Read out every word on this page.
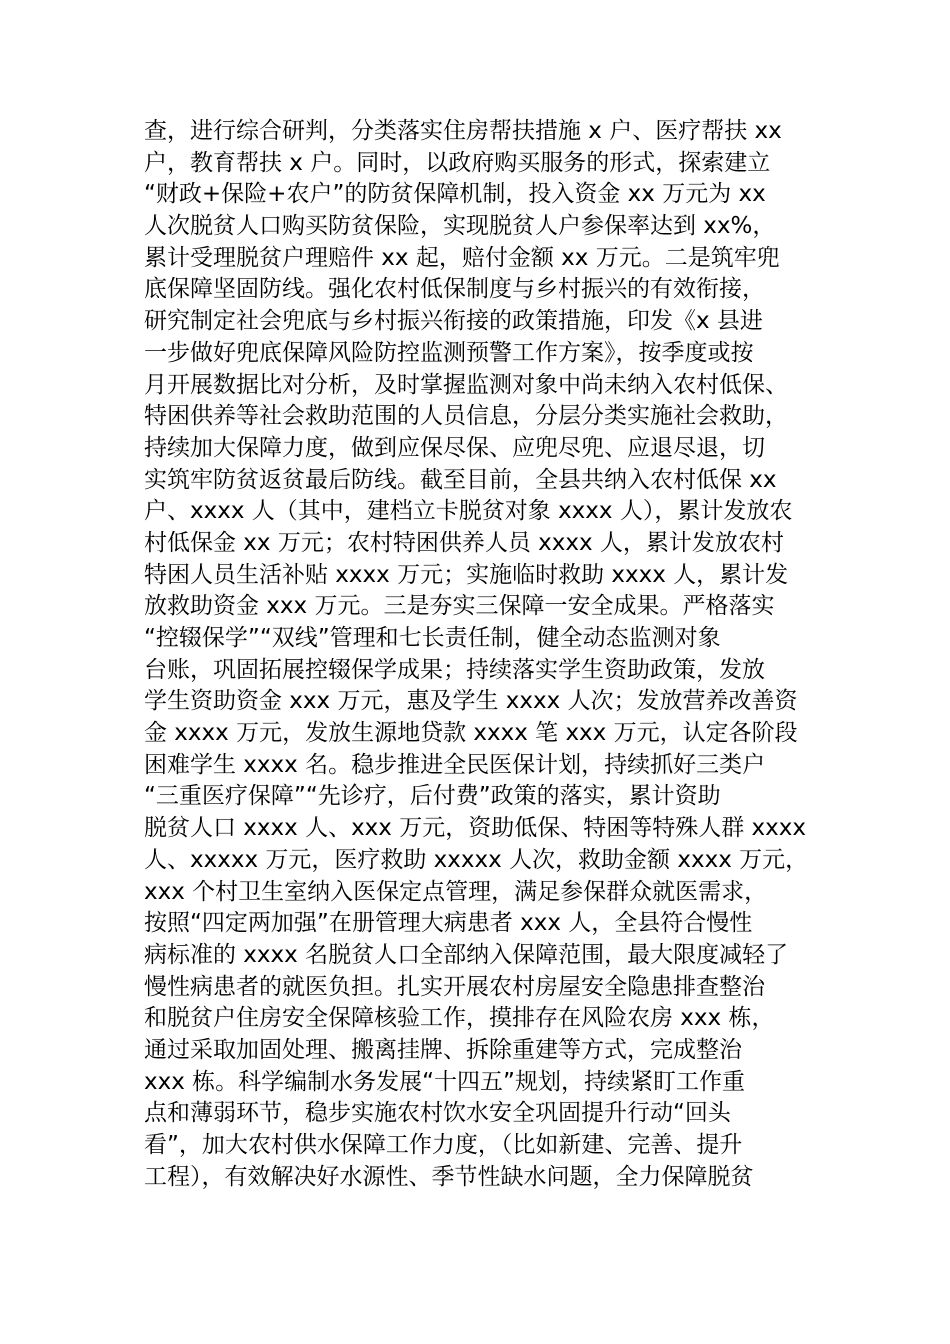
查，进行综合研判，分类落实住房帮扶措施 x 户、医疗帮扶 xx
户，教育帮扶 x 户。同时，以政府购买服务的形式，探索建立
“财政+保险+农户”的防贫保障机制，投入资金 xx 万元为 xx
人次脱贫人口购买防贫保险，实现脱贫人户参保率达到 xx%，
累计受理脱贫户理赔件 xx 起，赔付金额 xx 万元。二是筑牢兜
底保障坚固防线。强化农村低保制度与乡村振兴的有效衔接，
研究制定社会兜底与乡村振兴衔接的政策措施，印发《x 县进
一步做好兜底保障风险防控监测预警工作方案》，按季度或按
月开展数据比对分析，及时掌握监测对象中尚未纳入农村低保、
特困供养等社会救助范围的人员信息，分层分类实施社会救助，
持续加大保障力度，做到应保尽保、应兜尽兜、应退尽退，切
实筑牢防贫返贫最后防线。截至目前，全县共纳入农村低保 xx
户、xxxx 人（其中，建档立卡脱贫对象 xxxx 人），累计发放农
村低保金 xx 万元；农村特困供养人员 xxxx 人，累计发放农村
特困人员生活补贴 xxxx 万元；实施临时救助 xxxx 人，累计发
放救助资金 xxx 万元。三是夯实三保障一安全成果。严格落实
“控辍保学”“双线”管理和七长责任制，健全动态监测对象
台账，巩固拓展控辍保学成果；持续落实学生资助政策，发放
学生资助资金 xxx 万元，惠及学生 xxxx 人次；发放营养改善资
金 xxxx 万元，发放生源地贷款 xxxx 笔 xxx 万元，认定各阶段
困难学生 xxxx 名。稳步推进全民医保计划，持续抓好三类户
“三重医疗保障”“先诊疗，后付费”政策的落实，累计资助
脱贫人口 xxxx 人、xxx 万元，资助低保、特困等特殊人群 xxxx
人、xxxxx 万元，医疗救助 xxxxx 人次，救助金额 xxxx 万元，
xxx 个村卫生室纳入医保定点管理，满足参保群众就医需求，
按照“四定两加强”在册管理大病患者 xxx 人，全县符合慢性
病标准的 xxxx 名脱贫人口全部纳入保障范围，最大限度减轻了
慢性病患者的就医负担。扎实开展农村房屋安全隐患排查整治
和脱贫户住房安全保障核验工作，摸排存在风险农房 xxx 栋，
通过采取加固处理、搬离挂牌、拆除重建等方式，完成整治
xxx 栋。科学编制水务发展“十四五”规划，持续紧盯工作重
点和薄弱环节，稳步实施农村饮水安全巩固提升行动“回头
看”，加大农村供水保障工作力度，（比如新建、完善、提升
工程），有效解决好水源性、季节性缺水问题，全力保障脱贫
